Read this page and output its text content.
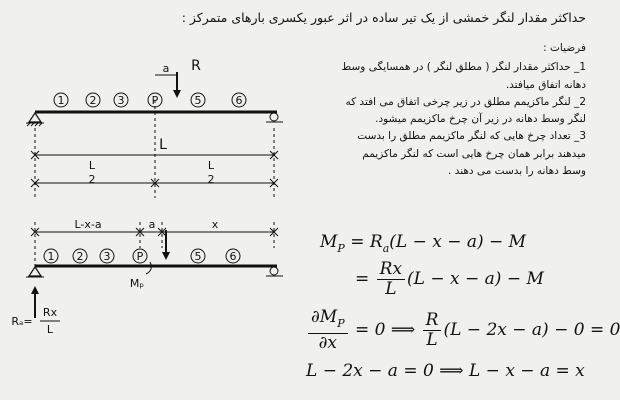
حداکثر مقدار لنگر خمشی از یک تیر ساده در اثر عبور یکسری بارهای متمرکز :
فرضیات :
1_ حداکثر مقدار لنگر ( مطلق لنگر ) در همسایگی وسط
دهانه اتفاق میافتد.
2_ لنگر ماکزیمم مطلق در زیر چرخی اتفاق می افتد که
لنگر وسط دهانه در زیر آن چرخ ماکزیمم میشود.
3_ تعداد چرخ هایی که لنگر ماکزیمم مطلق را بدست
میدهند برابر همان چرخ هایی است که لنگر ماکزیمم
وسط دهانه را بدست می دهند .
1 2 3 P	5	6
R
a
L
L
2
L
2
1 2 3 P	5	6
L-x-a	a	x
Mₚ
Rₐ=
Rx
L
$M_P = R_a(L - x - a) - M$
= $\frac{Rx}{L} (L - x - a) - M$
$\frac{\partial M_P}{\partial x} = 0$ ⟹ $\frac{R}{L} (L - 2x - a) - 0 = 0$
L − 2x − a = 0 ⟹ L − x − a = x
